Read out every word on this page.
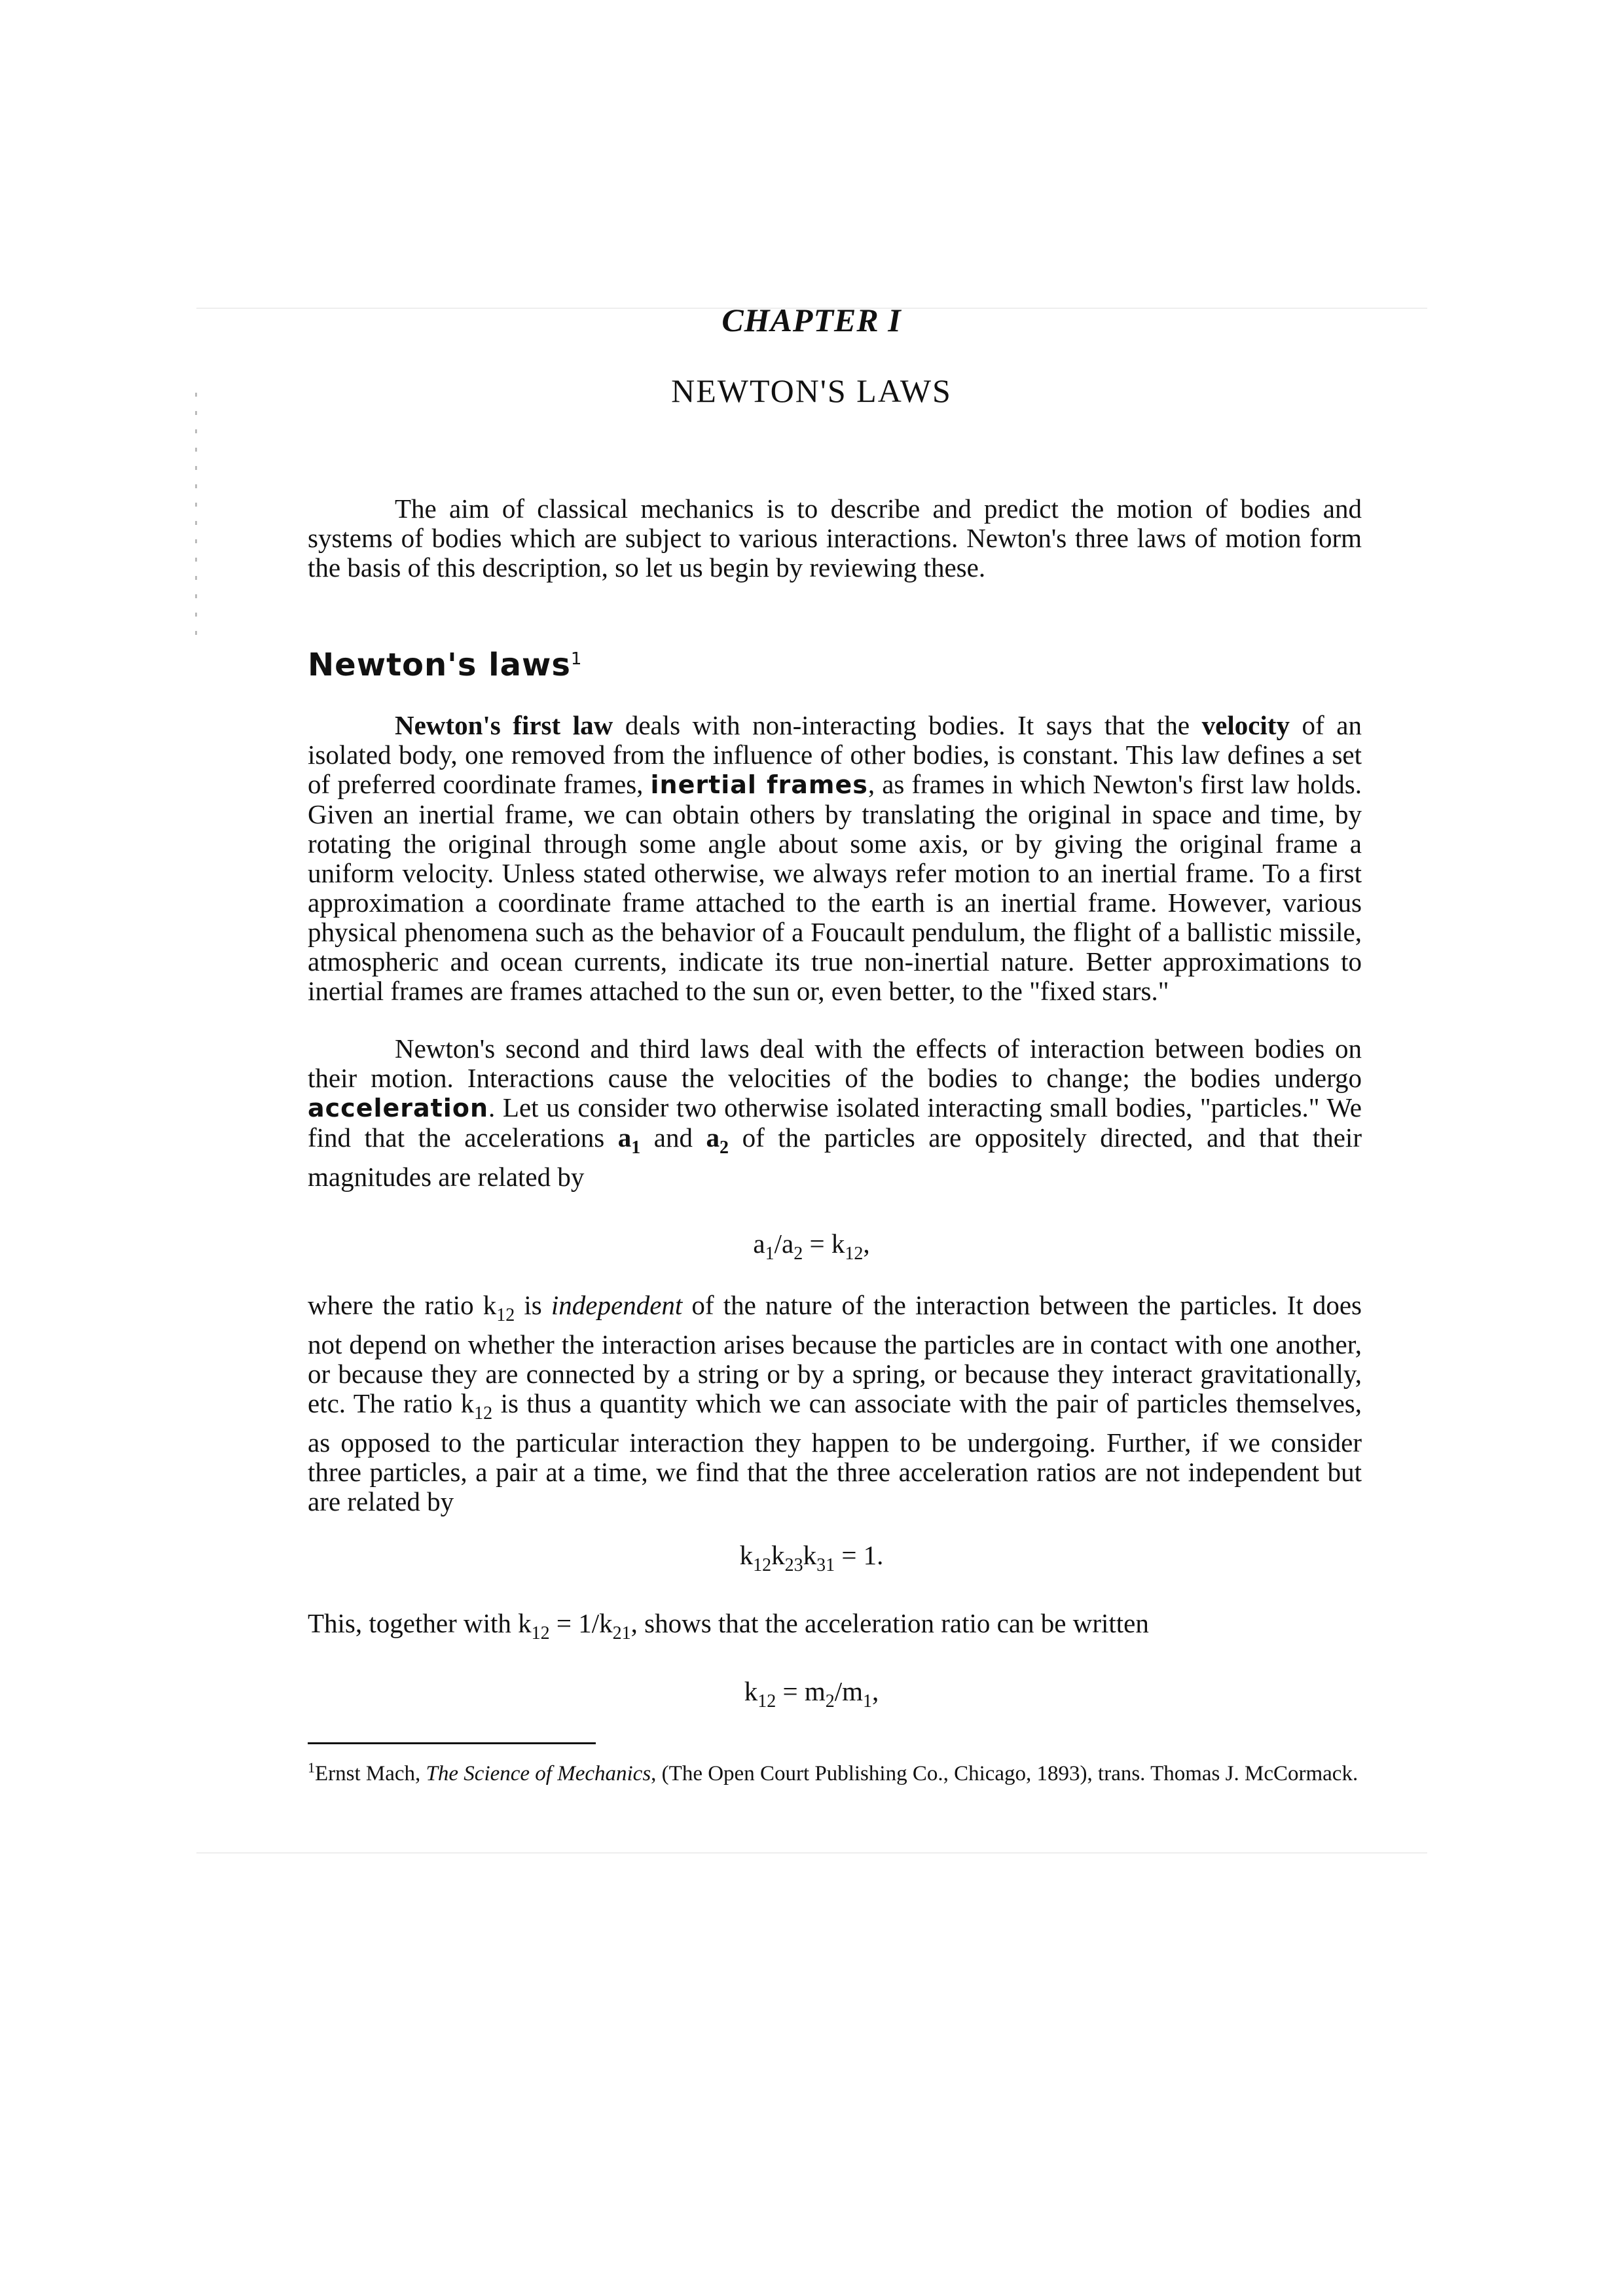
CHAPTER I
NEWTON'S LAWS

The aim of classical mechanics is to describe and predict the motion of bodies and systems of bodies which are subject to various interactions. Newton's three laws of motion form the basis of this description, so let us begin by reviewing these.

Newton's laws$^1$

Newton's first law deals with non-interacting bodies. It says that the velocity of an isolated body, one removed from the influence of other bodies, is constant. This law defines a set of preferred coordinate frames, inertial frames, as frames in which Newton's first law holds. Given an inertial frame, we can obtain others by translating the original in space and time, by rotating the original through some angle about some axis, or by giving the original frame a uniform velocity. Unless stated otherwise, we always refer motion to an inertial frame. To a first approximation a coordinate frame attached to the earth is an inertial frame. However, various physical phenomena such as the behavior of a Foucault pendulum, the flight of a ballistic missile, atmospheric and ocean currents, indicate its true non-inertial nature. Better approximations to inertial frames are frames attached to the sun or, even better, to the "fixed stars."

Newton's second and third laws deal with the effects of interaction between bodies on their motion. Interactions cause the velocities of the bodies to change; the bodies undergo acceleration. Let us consider two otherwise isolated interacting small bodies, "particles." We find that the accelerations $a_1$ and $a_2$ of the particles are oppositely directed, and that their magnitudes are related by

$a_1/a_2 = k_{12}$,

where the ratio $k_{12}$ is independent of the nature of the interaction between the particles. It does not depend on whether the interaction arises because the particles are in contact with one another, or because they are connected by a string or by a spring, or because they interact gravitationally, etc. The ratio $k_{12}$ is thus a quantity which we can associate with the pair of particles themselves, as opposed to the particular interaction they happen to be undergoing. Further, if we consider three particles, a pair at a time, we find that the three acceleration ratios are not independent but are related by

$k_{12}k_{23}k_{31} = 1$.

This, together with $k_{12} = 1/k_{21}$, shows that the acceleration ratio can be written

$k_{12} = m_2/m_1$,

$^1$Ernst Mach, The Science of Mechanics, (The Open Court Publishing Co., Chicago, 1893), trans. Thomas J. McCormack.
